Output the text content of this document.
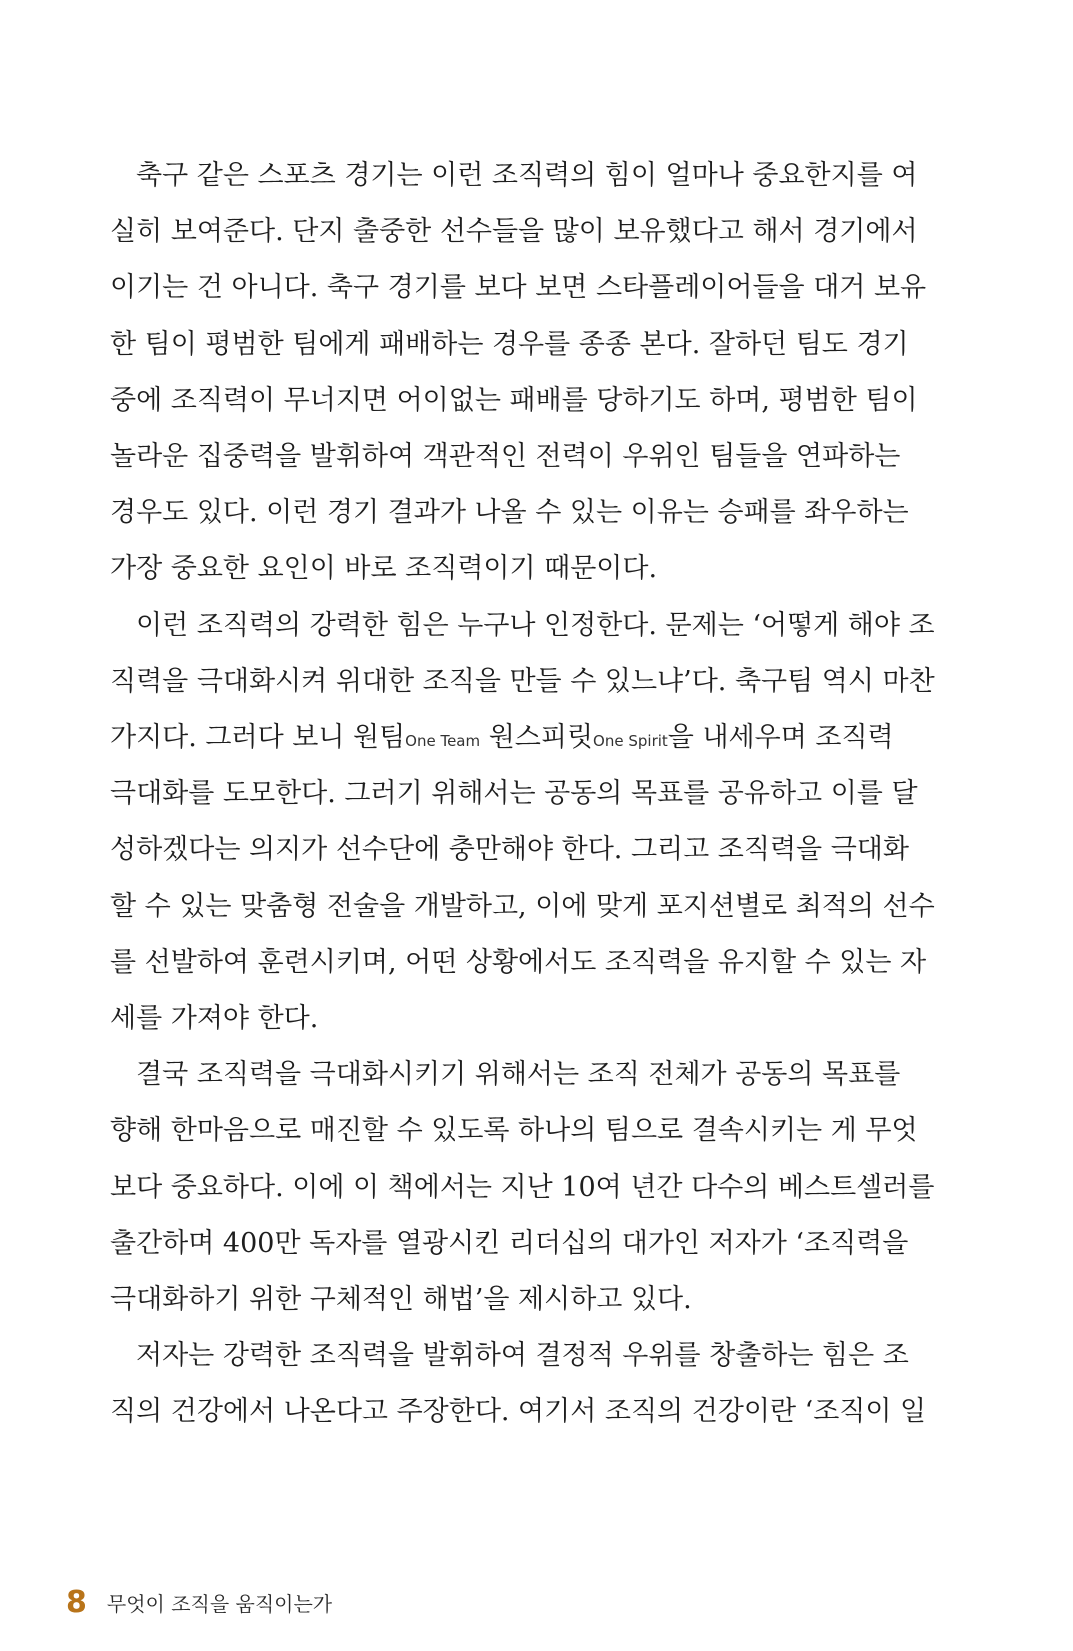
축구 같은 스포츠 경기는 이런 조직력의 힘이 얼마나 중요한지를 여
실히 보여준다. 단지 출중한 선수들을 많이 보유했다고 해서 경기에서
이기는 건 아니다. 축구 경기를 보다 보면 스타플레이어들을 대거 보유
한 팀이 평범한 팀에게 패배하는 경우를 종종 본다. 잘하던 팀도 경기
중에 조직력이 무너지면 어이없는 패배를 당하기도 하며, 평범한 팀이
놀라운 집중력을 발휘하여 객관적인 전력이 우위인 팀들을 연파하는
경우도 있다. 이런 경기 결과가 나올 수 있는 이유는 승패를 좌우하는
가장 중요한 요인이 바로 조직력이기 때문이다.
이런 조직력의 강력한 힘은 누구나 인정한다. 문제는 ‘어떻게 해야 조
직력을 극대화시켜 위대한 조직을 만들 수 있느냐’다. 축구팀 역시 마찬
극대화를 도모한다. 그러기 위해서는 공동의 목표를 공유하고 이를 달
성하겠다는 의지가 선수단에 충만해야 한다. 그리고 조직력을 극대화
할 수 있는 맞춤형 전술을 개발하고, 이에 맞게 포지션별로 최적의 선수
를 선발하여 훈련시키며, 어떤 상황에서도 조직력을 유지할 수 있는 자
세를 가져야 한다.
결국 조직력을 극대화시키기 위해서는 조직 전체가 공동의 목표를
향해 한마음으로 매진할 수 있도록 하나의 팀으로 결속시키는 게 무엇
보다 중요하다. 이에 이 책에서는 지난 10여 년간 다수의 베스트셀러를
출간하며 400만 독자를 열광시킨 리더십의 대가인 저자가 ‘조직력을
극대화하기 위한 구체적인 해법’을 제시하고 있다.
저자는 강력한 조직력을 발휘하여 결정적 우위를 창출하는 힘은 조
직의 건강에서 나온다고 주장한다. 여기서 조직의 건강이란 ‘조직이 일
가지다. 그러다 보니 원팀One Team 원스피릿One Spirit을 내세우며 조직력
8 무엇이 조직을 움직이는가
